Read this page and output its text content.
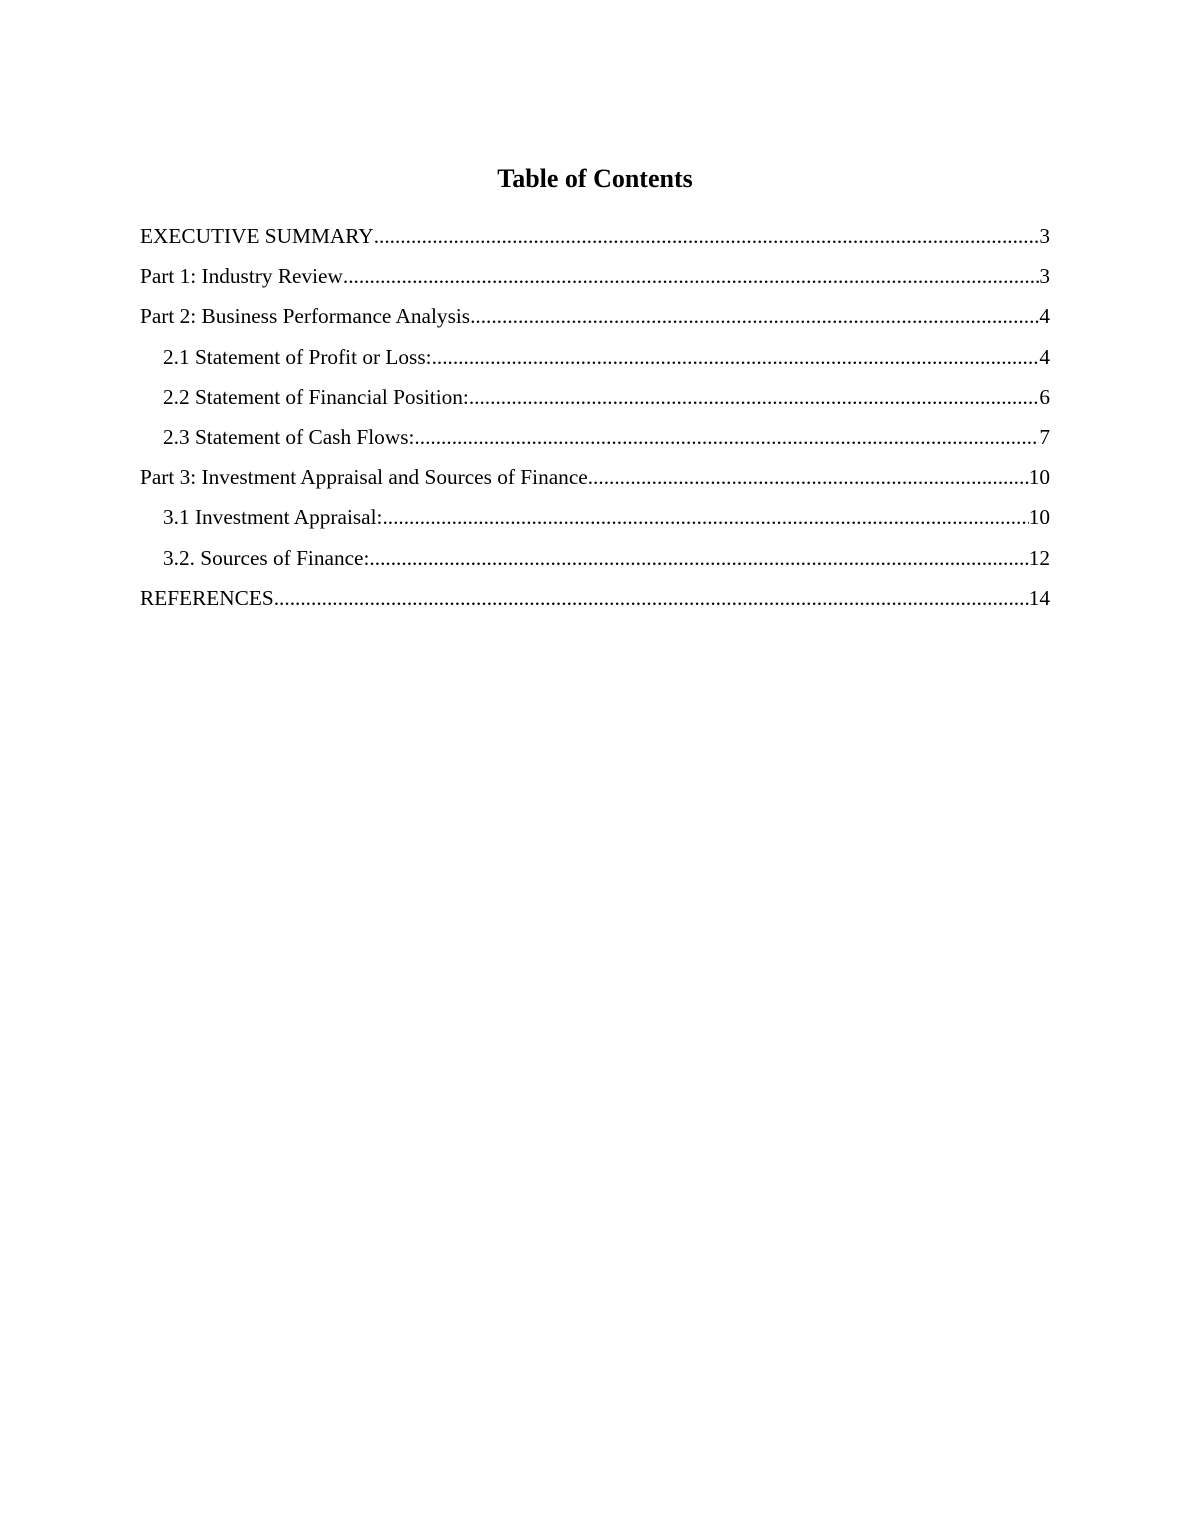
Table of Contents
EXECUTIVE SUMMARY .....	3
Part 1: Industry Review .....	3
Part 2: Business Performance Analysis .....	4
2.1 Statement of Profit or Loss: .....	4
2.2 Statement of Financial Position: .....	6
2.3 Statement of Cash Flows: .....	7
Part 3: Investment Appraisal and Sources of Finance .....	10
3.1 Investment Appraisal: .....	10
3.2. Sources of Finance: .....	12
REFERENCES .....	14
